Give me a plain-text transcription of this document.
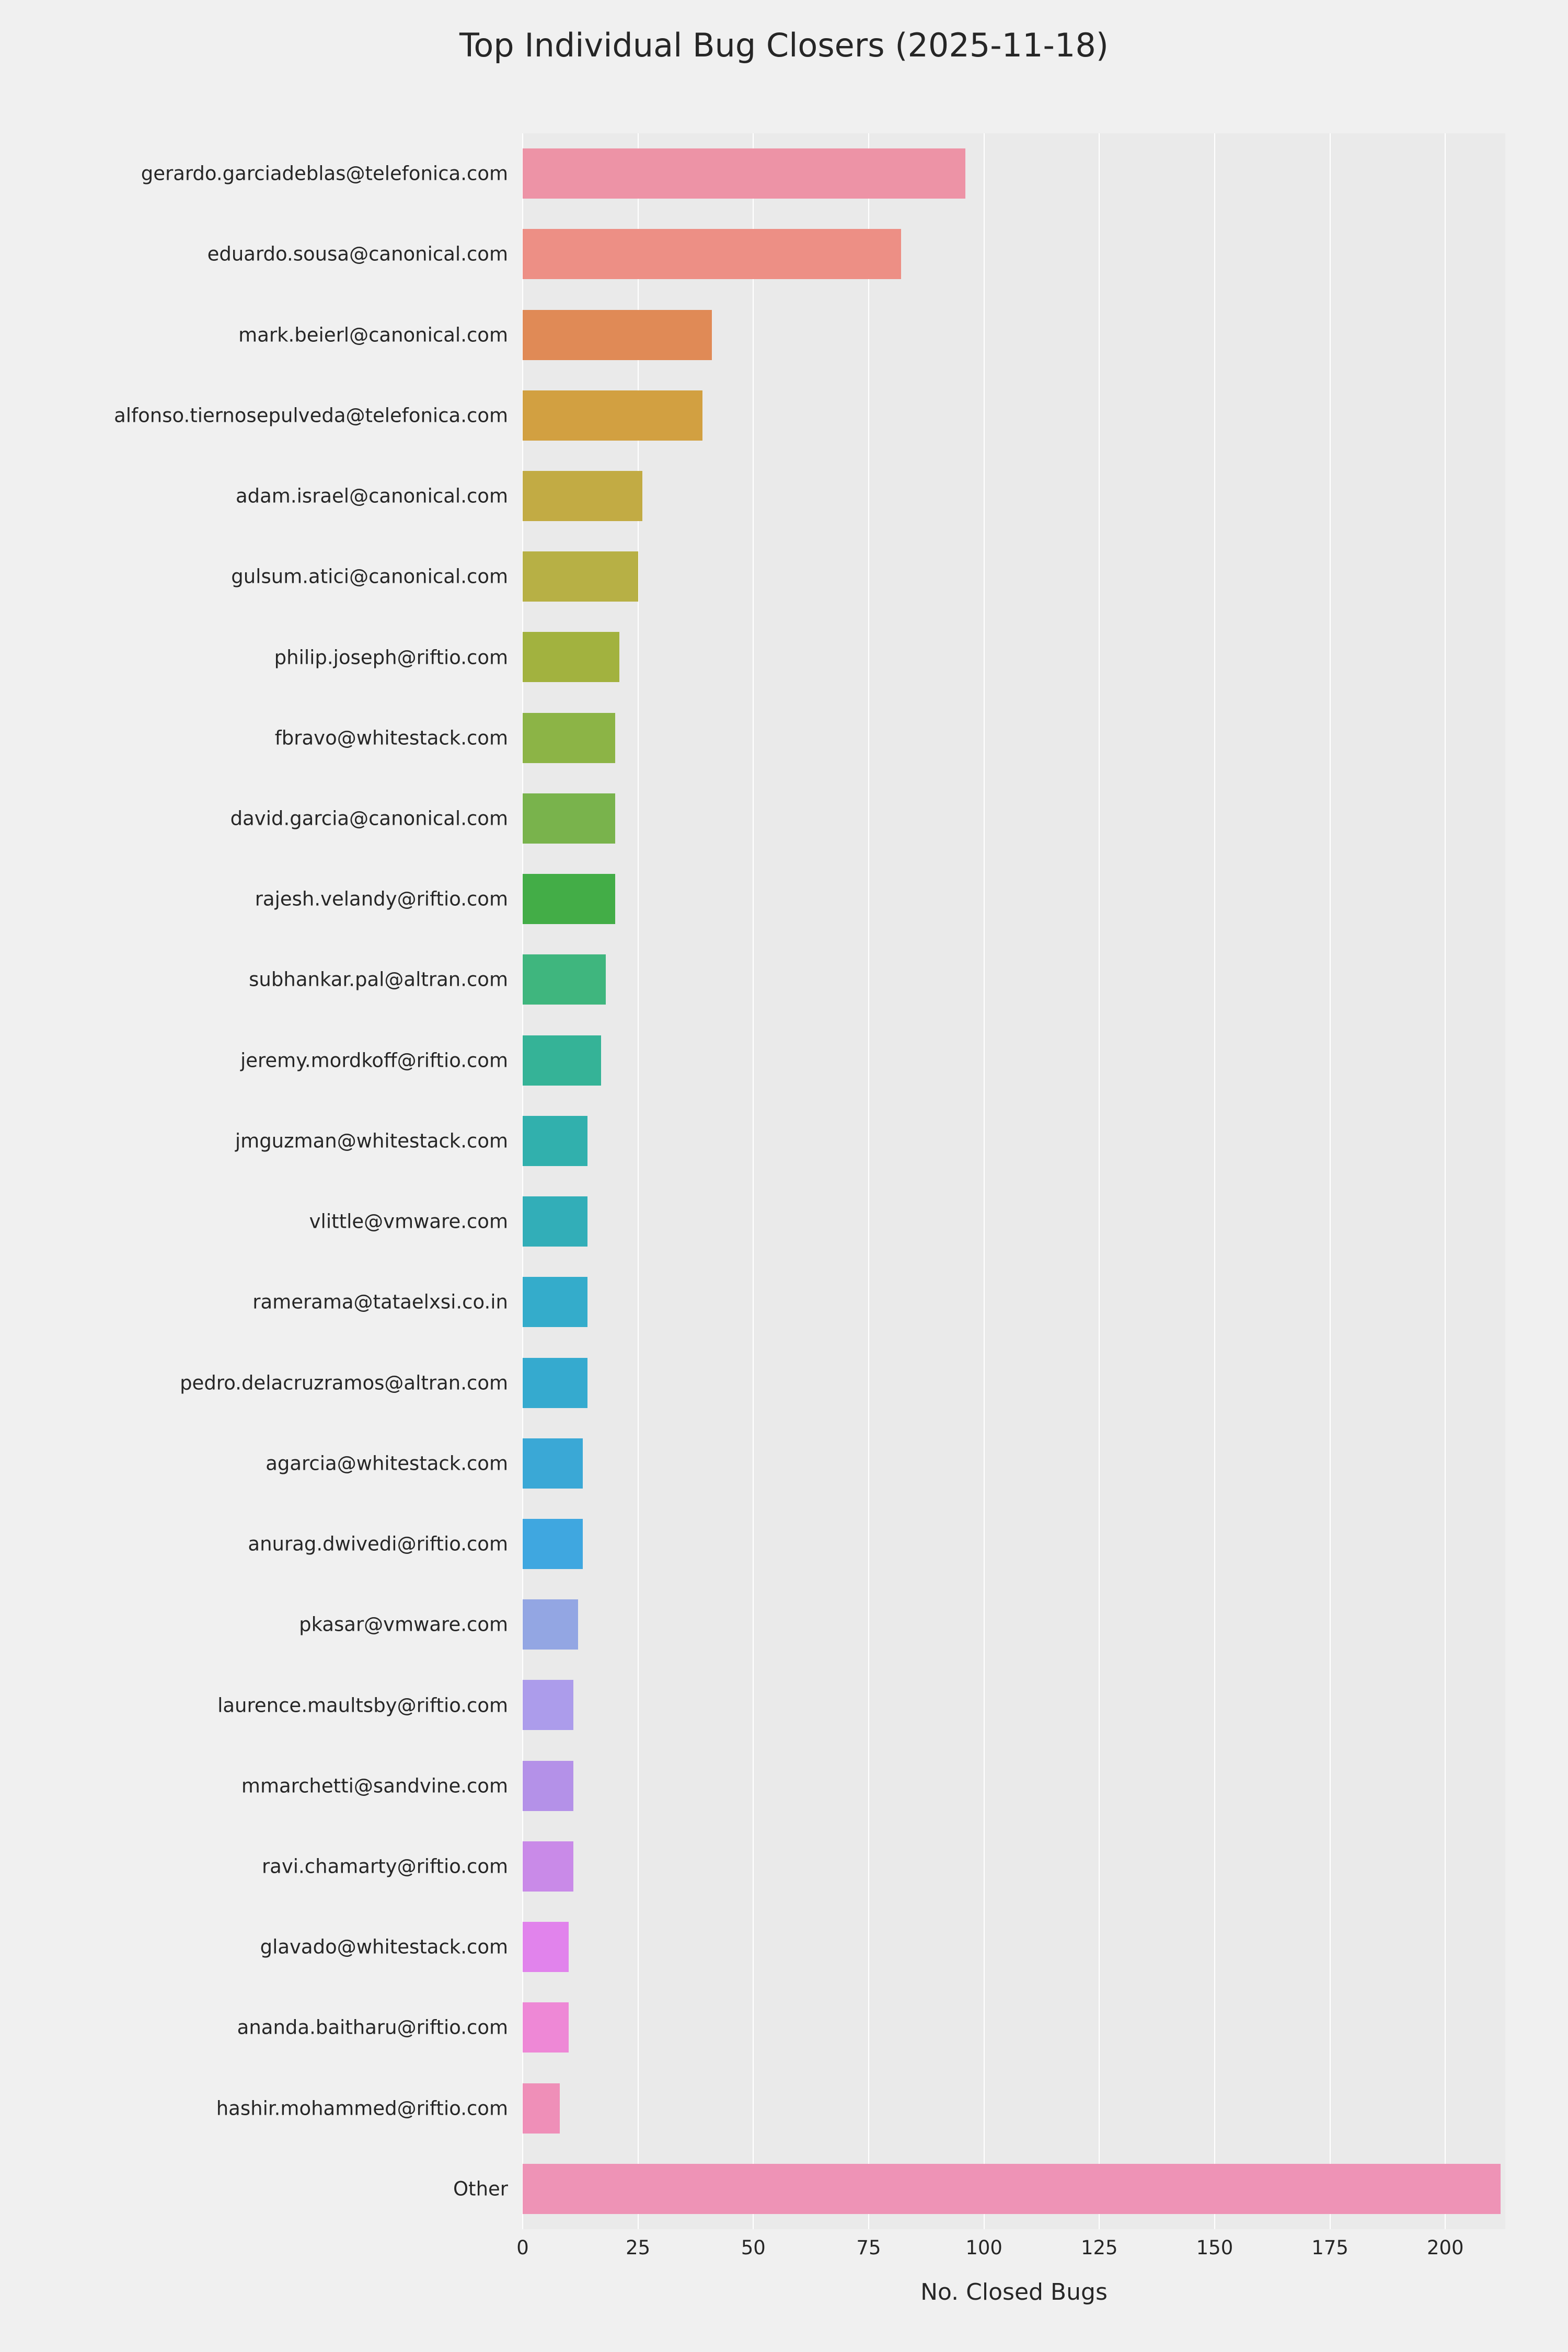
Top Individual Bug Closers (2025-11-18)
gerardo.garciadeblas@telefonica.com
eduardo.sousa@canonical.com
mark.beierl@canonical.com
alfonso.tiernosepulveda@telefonica.com
adam.israel@canonical.com
gulsum.atici@canonical.com
philip.joseph@riftio.com
fbravo@whitestack.com
david.garcia@canonical.com
rajesh.velandy@riftio.com
subhankar.pal@altran.com
jeremy.mordkoff@riftio.com
jmguzman@whitestack.com
vlittle@vmware.com
ramerama@tataelxsi.co.in
pedro.delacruzramos@altran.com
agarcia@whitestack.com
anurag.dwivedi@riftio.com
pkasar@vmware.com
laurence.maultsby@riftio.com
mmarchetti@sandvine.com
ravi.chamarty@riftio.com
glavado@whitestack.com
ananda.baitharu@riftio.com
hashir.mohammed@riftio.com
Other
0	25	50	75	100	125	150	175	200
No. Closed Bugs
